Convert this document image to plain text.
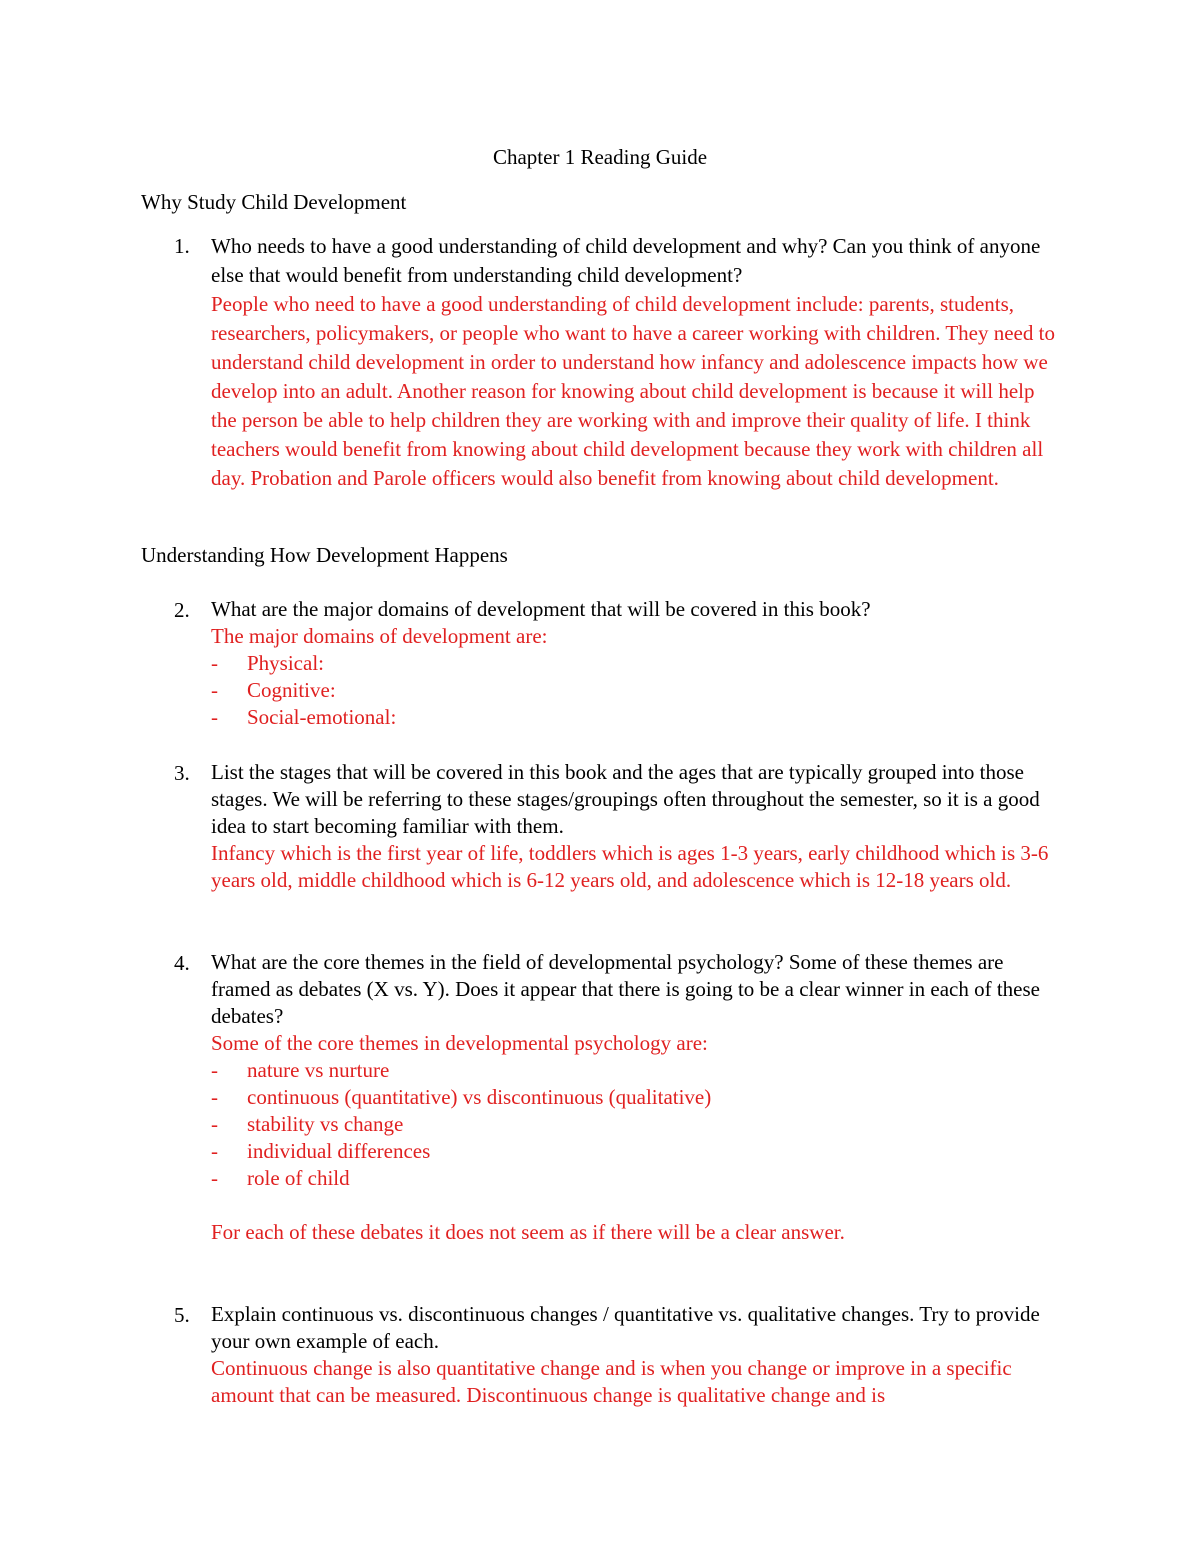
Chapter 1 Reading Guide
Why Study Child Development
1. Who needs to have a good understanding of child development and why? Can you think of anyone else that would benefit from understanding child development?
People who need to have a good understanding of child development include: parents, students, researchers, policymakers, or people who want to have a career working with children. They need to understand child development in order to understand how infancy and adolescence impacts how we develop into an adult. Another reason for knowing about child development is because it will help the person be able to help children they are working with and improve their quality of life. I think teachers would benefit from knowing about child development because they work with children all day. Probation and Parole officers would also benefit from knowing about child development.
Understanding How Development Happens
2. What are the major domains of development that will be covered in this book?
The major domains of development are:
- Physical:
- Cognitive:
- Social-emotional:
3. List the stages that will be covered in this book and the ages that are typically grouped into those stages. We will be referring to these stages/groupings often throughout the semester, so it is a good idea to start becoming familiar with them.
Infancy which is the first year of life, toddlers which is ages 1-3 years, early childhood which is 3-6 years old, middle childhood which is 6-12 years old, and adolescence which is 12-18 years old.
4. What are the core themes in the field of developmental psychology? Some of these themes are framed as debates (X vs. Y). Does it appear that there is going to be a clear winner in each of these debates?
Some of the core themes in developmental psychology are:
- nature vs nurture
- continuous (quantitative) vs discontinuous (qualitative)
- stability vs change
- individual differences
- role of child
For each of these debates it does not seem as if there will be a clear answer.
5. Explain continuous vs. discontinuous changes / quantitative vs. qualitative changes. Try to provide your own example of each.
Continuous change is also quantitative change and is when you change or improve in a specific amount that can be measured. Discontinuous change is qualitative change and is
